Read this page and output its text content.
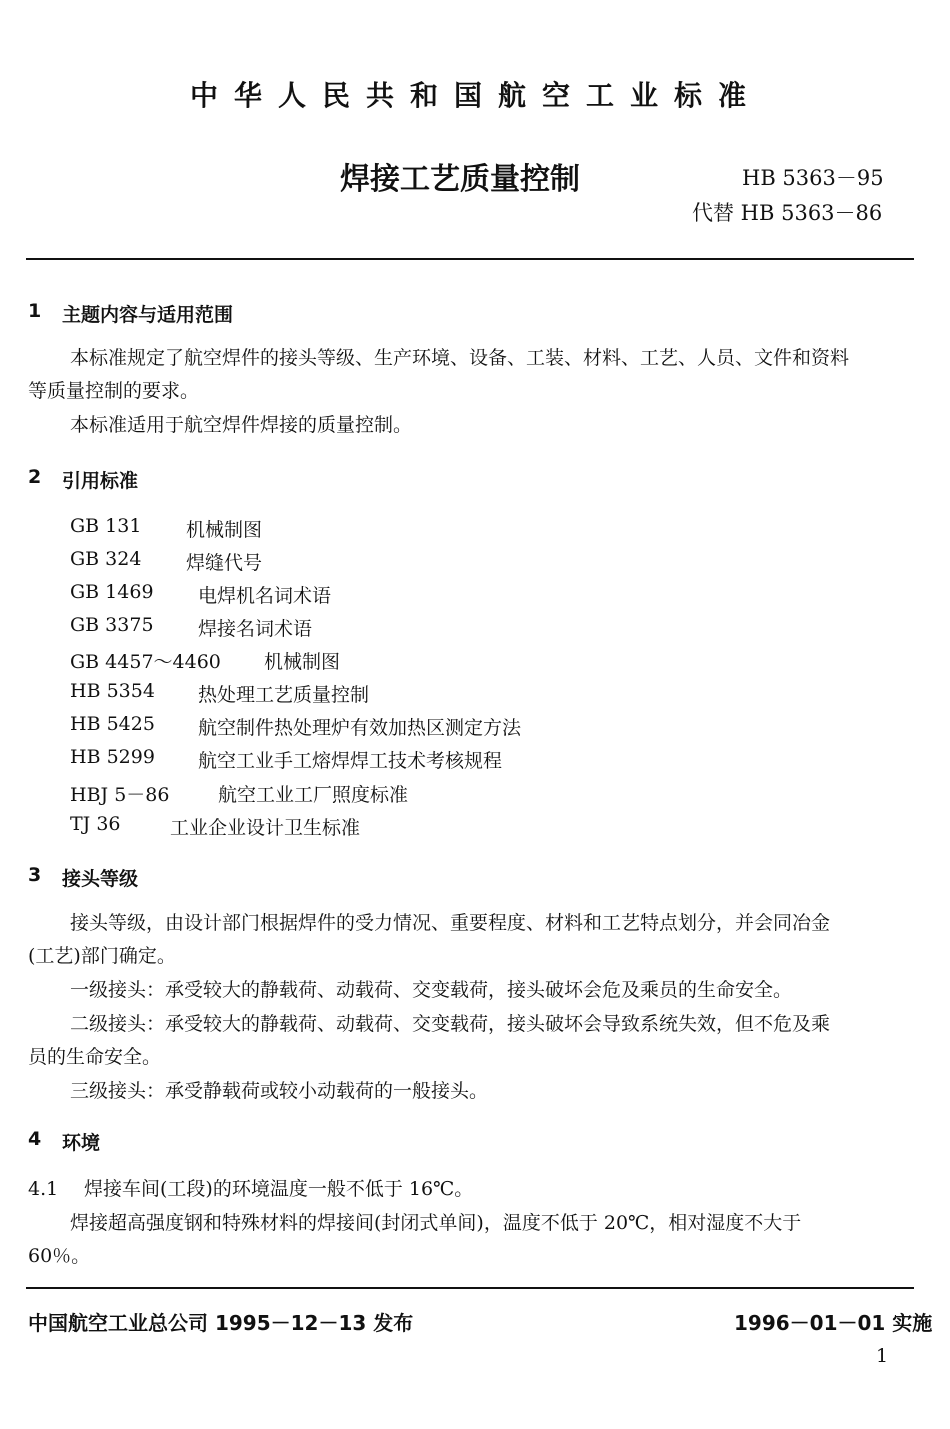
中华人民共和国航空工业标准
焊接工艺质量控制	HB 5363－95
代替 HB 5363－86
1 主题内容与适用范围
本标准规定了航空焊件的接头等级、生产环境、设备、工装、材料、工艺、人员、文件和资料
等质量控制的要求。
本标准适用于航空焊件焊接的质量控制。
2 引用标准
GB 131 机械制图
GB 324 焊缝代号
GB 1469 电焊机名词术语
GB 3375 焊接名词术语
GB 4457～4460 机械制图
HB 5354 热处理工艺质量控制
HB 5425 航空制件热处理炉有效加热区测定方法
HB 5299 航空工业手工熔焊焊工技术考核规程
HBJ 5－86	航空工业工厂照度标准
TJ 36	工业企业设计卫生标准
3 接头等级
接头等级，由设计部门根据焊件的受力情况、重要程度、材料和工艺特点划分，并会同冶金
(工艺)部门确定。
一级接头：承受较大的静载荷、动载荷、交变载荷，接头破坏会危及乘员的生命安全。
二级接头：承受较大的静载荷、动载荷、交变载荷，接头破坏会导致系统失效，但不危及乘
员的生命安全。
三级接头：承受静载荷或较小动载荷的一般接头。
4 环境
4.1 焊接车间(工段)的环境温度一般不低于 16℃。
焊接超高强度钢和特殊材料的焊接间(封闭式单间)，温度不低于 20℃，相对湿度不大于
60％。
中国航空工业总公司 1995－12－13 发布	1996－01－01 实施
1
